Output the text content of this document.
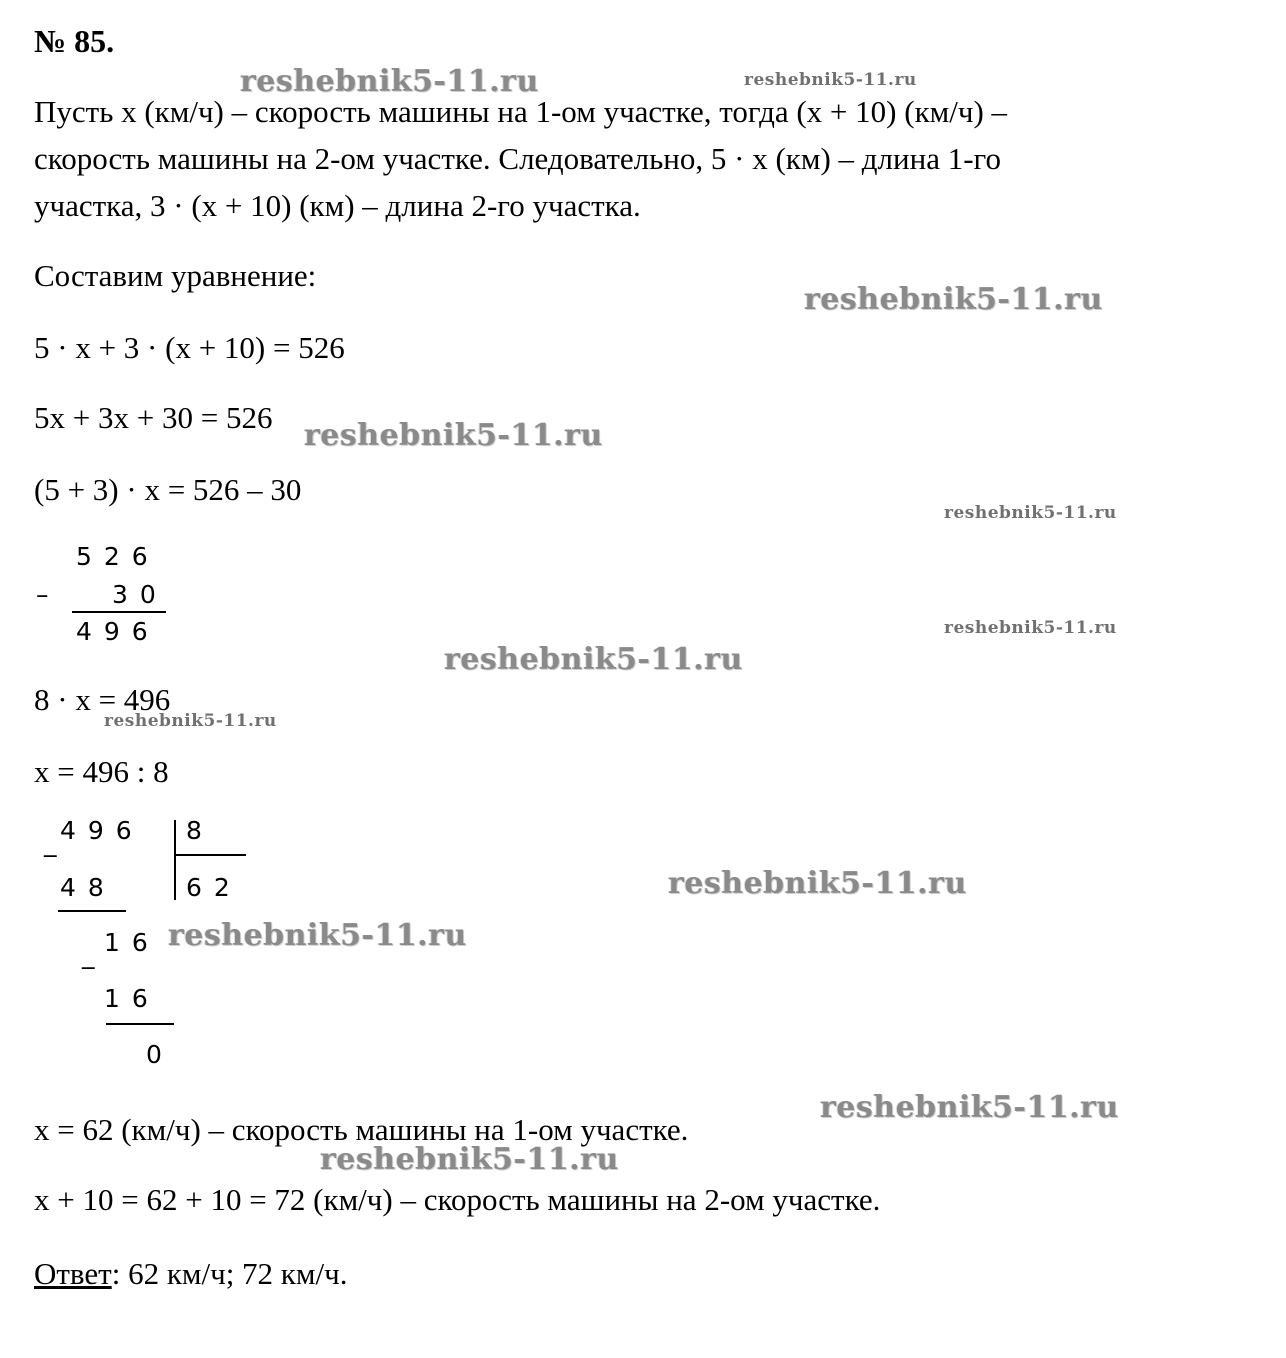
№ 85.
Пусть x (км/ч) – скорость машины на 1-ом участке, тогда (x + 10) (км/ч) –
скорость машины на 2-ом участке. Следовательно, 5 · x (км) – длина 1-го
участка, 3 · (x + 10) (км) – длина 2-го участка.
Составим уравнение:
5 · x + 3 · (x + 10) = 526
5x + 3x + 30 = 526
(5 + 3) · x = 526 – 30
526
–	30
496
8 · x = 496
x = 496 : 8
496
_	8
62
48
_ 16
16
0
x = 62 (км/ч) – скорость машины на 1-ом участке.
x + 10 = 62 + 10 = 72 (км/ч) – скорость машины на 2-ом участке.
Ответ: 62 км/ч; 72 км/ч.
reshebnik5-11.ru	reshebnik5-11.ru
reshebnik5-11.ru
reshebnik5-11.ru
reshebnik5-11.ru
reshebnik5-11.ru
reshebnik5-11.ru
reshebnik5-11.ru
reshebnik5-11.ru
reshebnik5-11.ru
reshebnik5-11.ru
reshebnik5-11.ru
